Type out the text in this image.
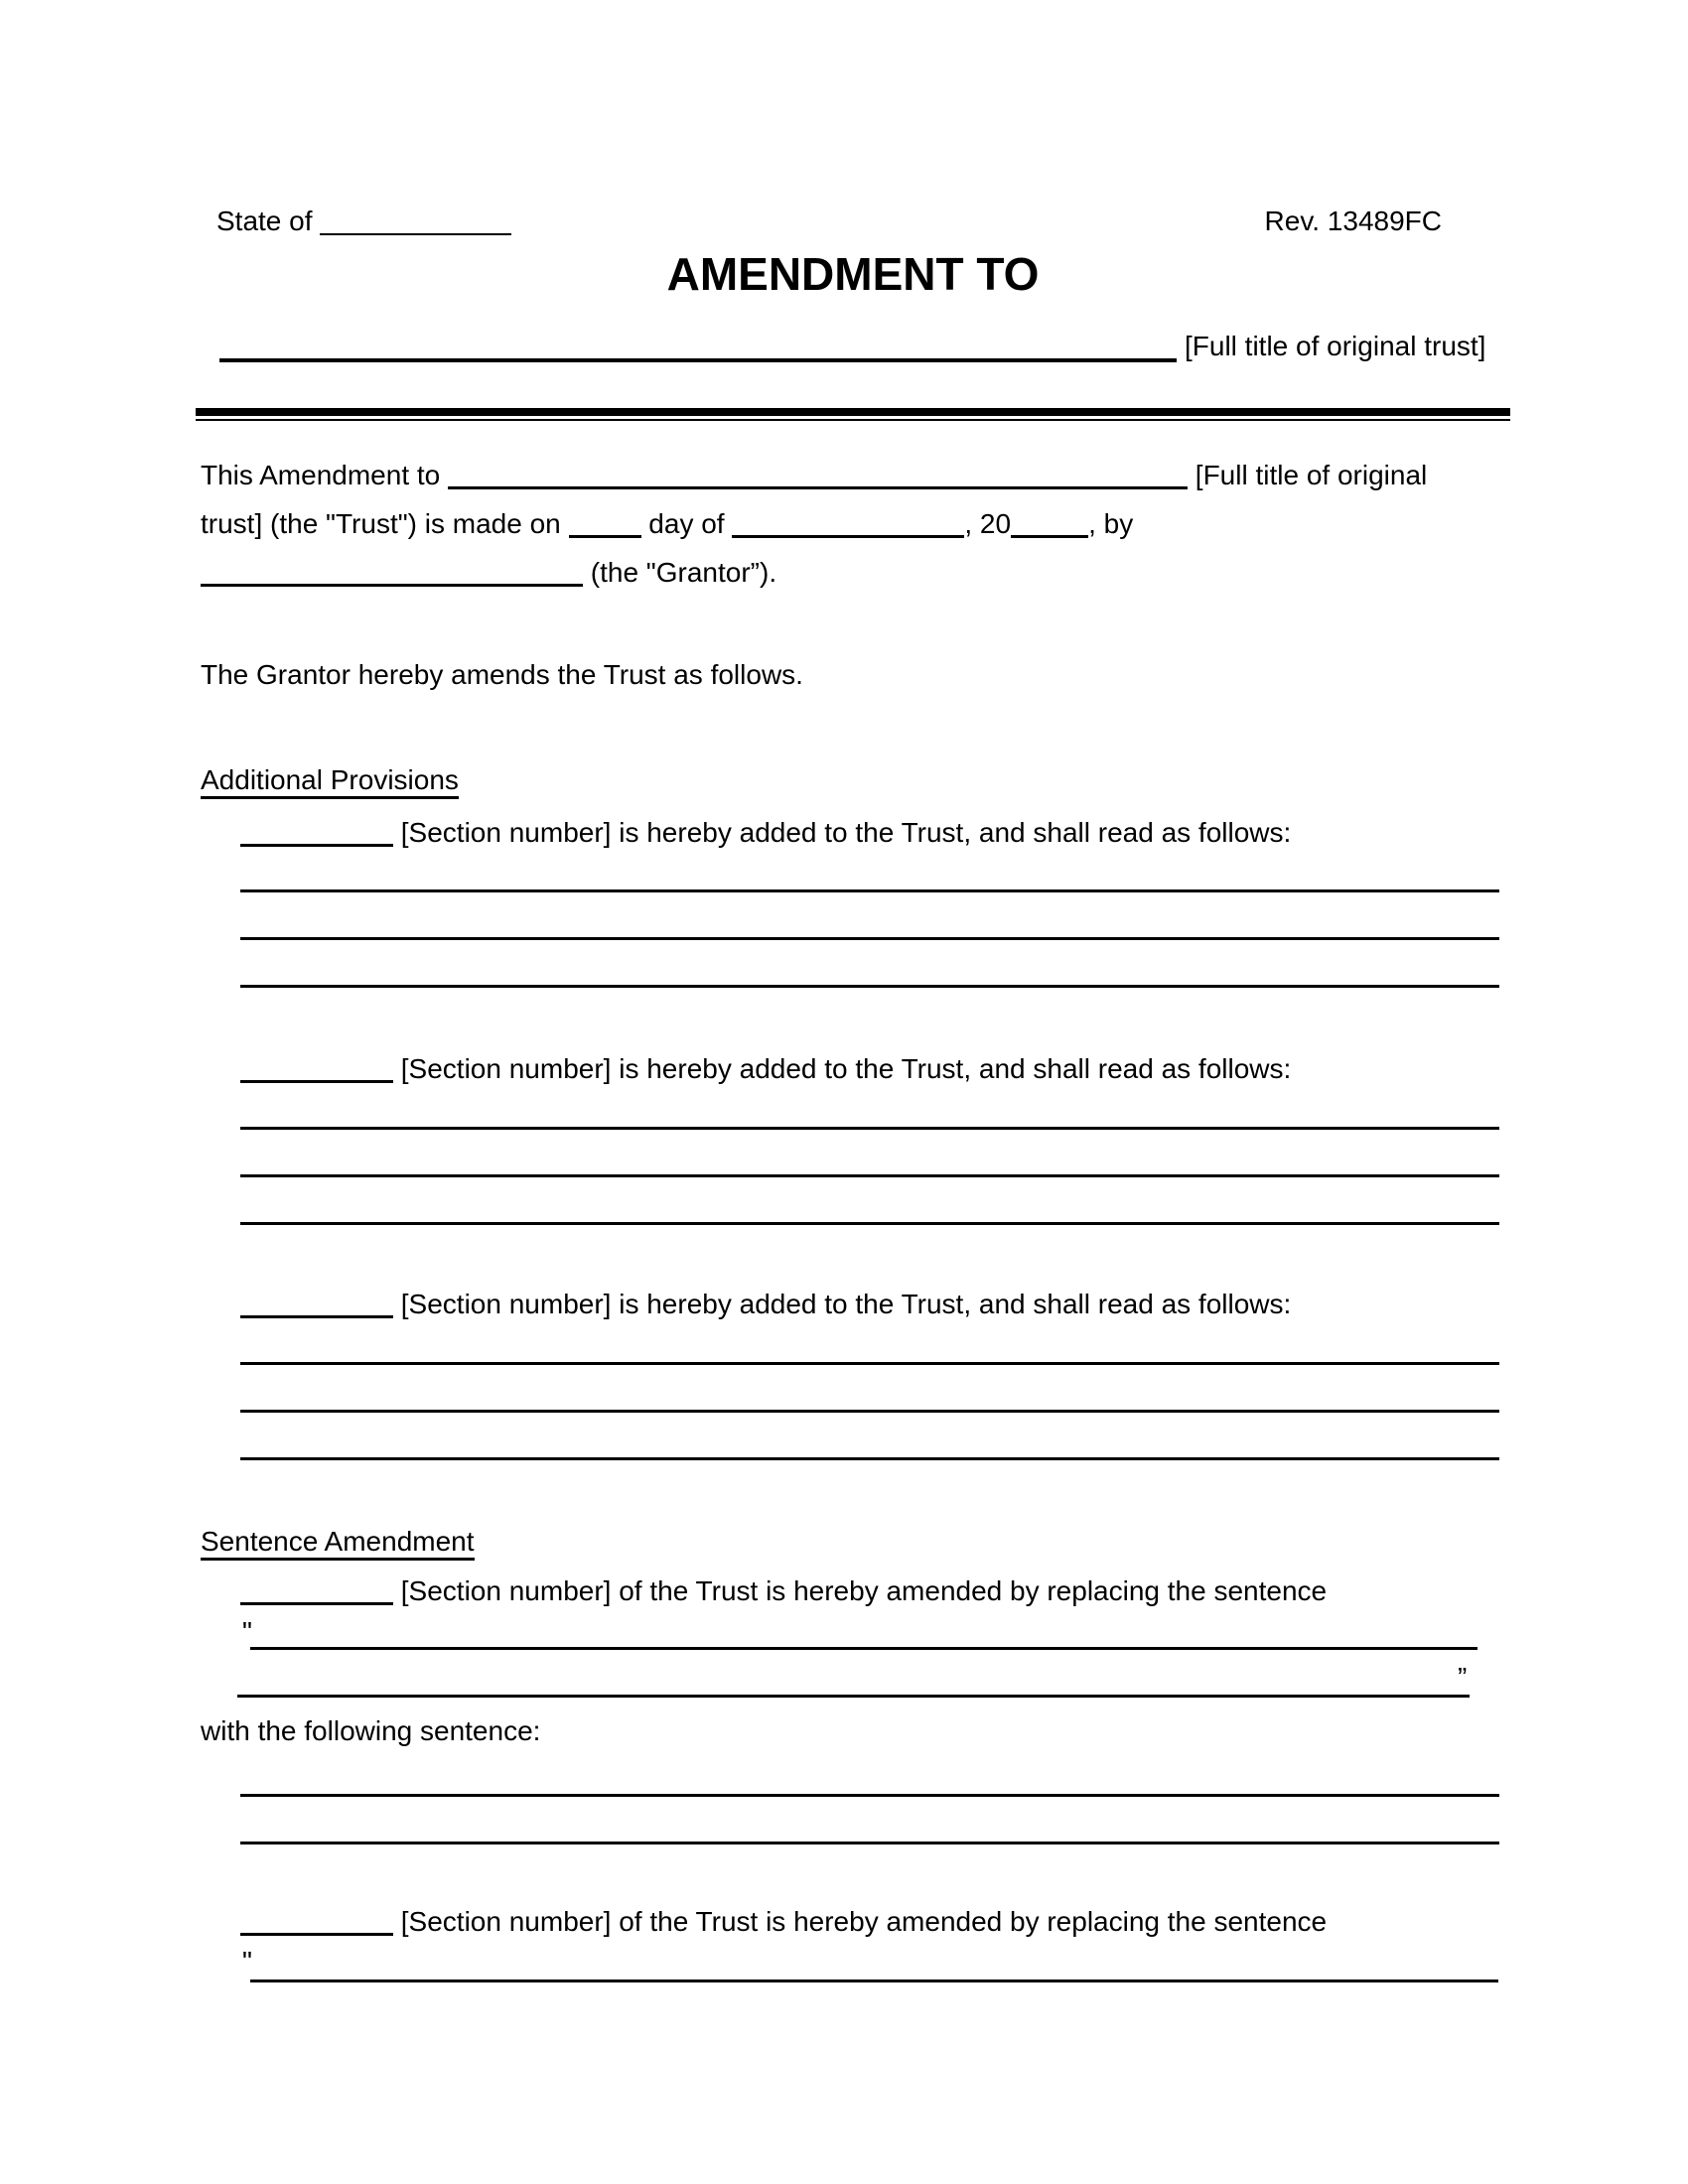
State of	Rev. 13489FC
AMENDMENT TO
[Full title of original trust]
This Amendment to	[Full title of original
trust] (the "Trust") is made on	day of	, 20	, by
(the "Grantor”).
The Grantor hereby amends the Trust as follows.
Additional Provisions
[Section number] is hereby added to the Trust, and shall read as follows:
[Section number] is hereby added to the Trust, and shall read as follows:
[Section number] is hereby added to the Trust, and shall read as follows:
Sentence Amendment
[Section number] of the Trust is hereby amended by replacing the sentence
"
”
with the following sentence:
[Section number] of the Trust is hereby amended by replacing the sentence
"
